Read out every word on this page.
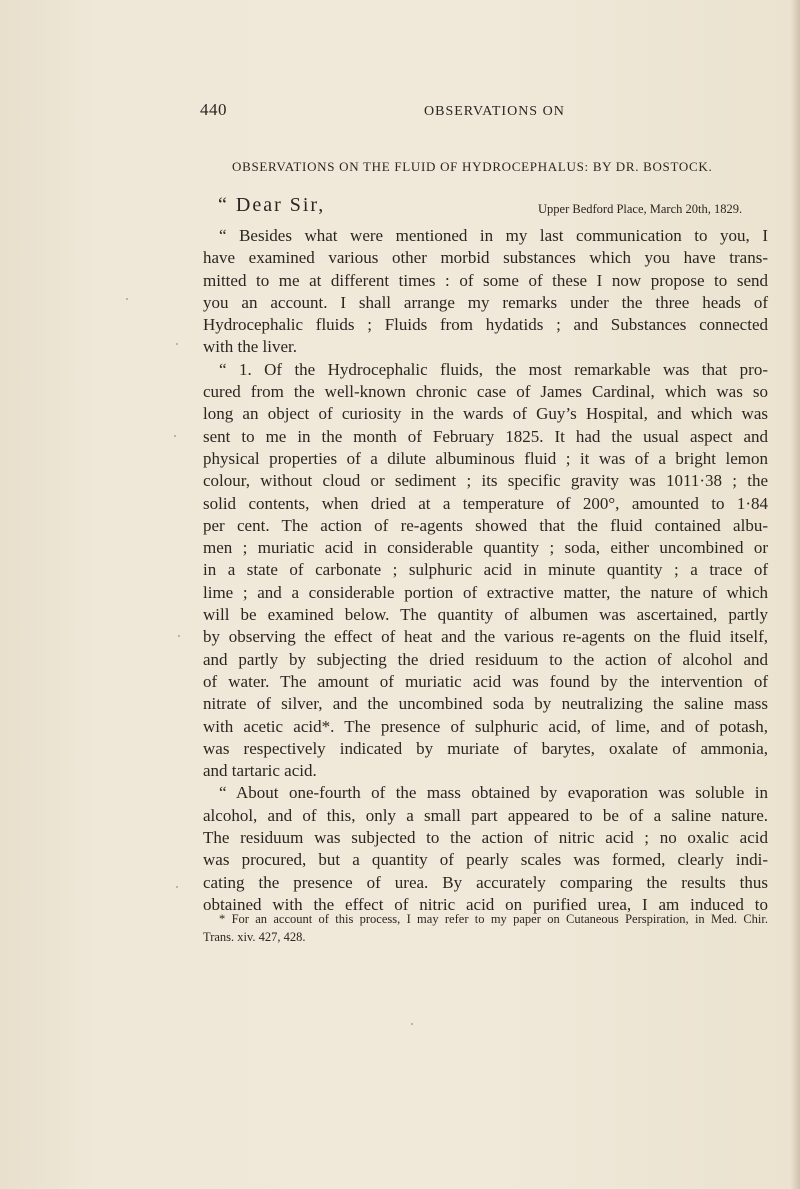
440	OBSERVATIONS ON
OBSERVATIONS ON THE FLUID OF HYDROCEPHALUS: BY DR. BOSTOCK.
“ Dear Sir,	Upper Bedford Place, March 20th, 1829.
“ Besides what were mentioned in my last communication to you, I
have examined various other morbid substances which you have trans-
mitted to me at different times : of some of these I now propose to send
you an account. I shall arrange my remarks under the three heads of
Hydrocephalic fluids ; Fluids from hydatids ; and Substances connected
with the liver.
“ 1. Of the Hydrocephalic fluids, the most remarkable was that pro-
cured from the well-known chronic case of James Cardinal, which was so
long an object of curiosity in the wards of Guy’s Hospital, and which was
sent to me in the month of February 1825. It had the usual aspect and
physical properties of a dilute albuminous fluid ; it was of a bright lemon
colour, without cloud or sediment ; its specific gravity was 1011·38 ; the
solid contents, when dried at a temperature of 200°, amounted to 1·84
per cent. The action of re-agents showed that the fluid contained albu-
men ; muriatic acid in considerable quantity ; soda, either uncombined or
in a state of carbonate ; sulphuric acid in minute quantity ; a trace of
lime ; and a considerable portion of extractive matter, the nature of which
will be examined below. The quantity of albumen was ascertained, partly
by observing the effect of heat and the various re-agents on the fluid itself,
and partly by subjecting the dried residuum to the action of alcohol and
of water. The amount of muriatic acid was found by the intervention of
nitrate of silver, and the uncombined soda by neutralizing the saline mass
with acetic acid*. The presence of sulphuric acid, of lime, and of potash,
was respectively indicated by muriate of barytes, oxalate of ammonia,
and tartaric acid.
“ About one-fourth of the mass obtained by evaporation was soluble in
alcohol, and of this, only a small part appeared to be of a saline nature.
The residuum was subjected to the action of nitric acid ; no oxalic acid
was procured, but a quantity of pearly scales was formed, clearly indi-
cating the presence of urea. By accurately comparing the results thus
obtained with the effect of nitric acid on purified urea, I am induced to
* For an account of this process, I may refer to my paper on Cutaneous Perspiration, in Med. Chir.
Trans. xiv. 427, 428.
